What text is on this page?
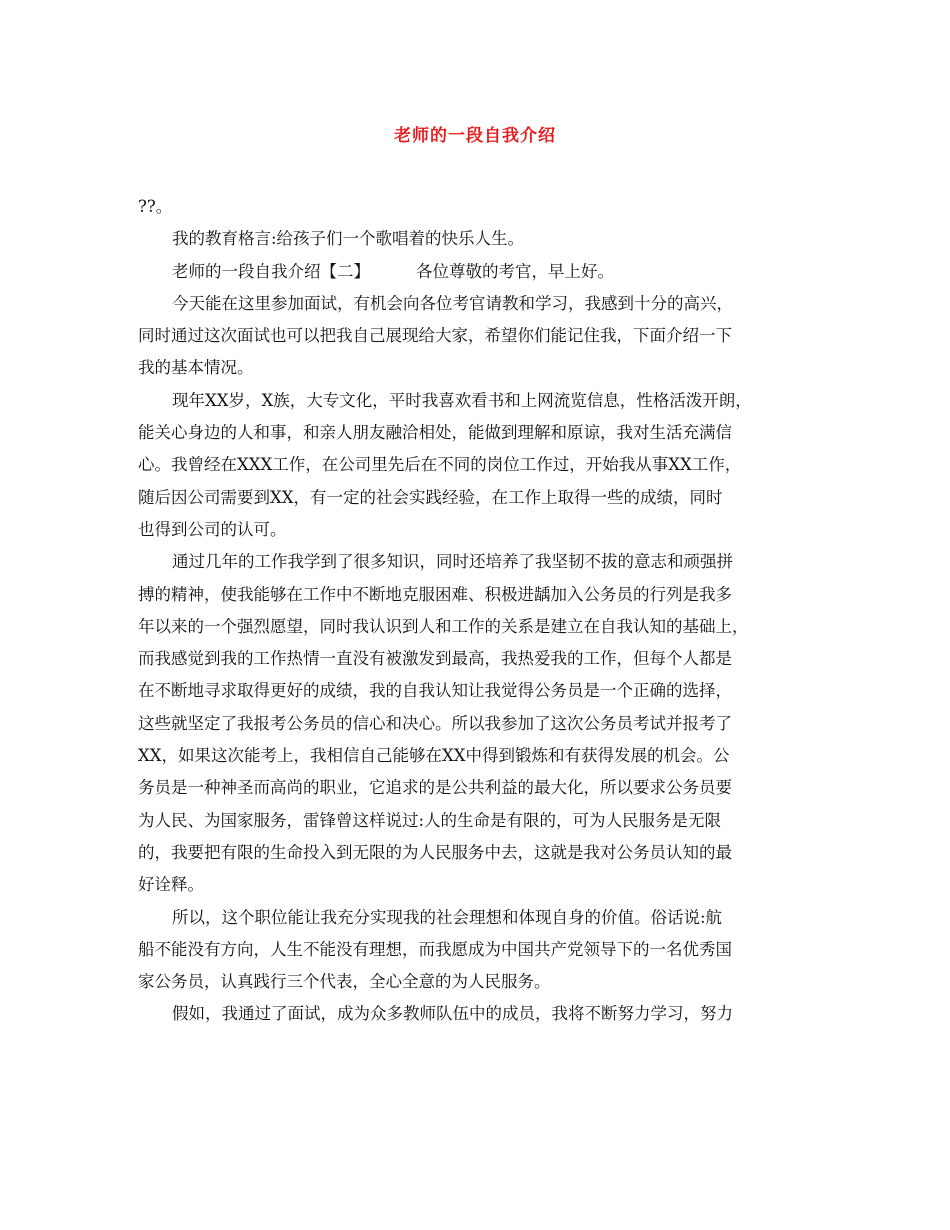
老师的一段自我介绍
??。
我的教育格言:给孩子们一个歌唱着的快乐人生。
老师的一段自我介绍【二】	各位尊敬的考官，早上好。
今天能在这里参加面试，有机会向各位考官请教和学习，我感到十分的高兴，
同时通过这次面试也可以把我自己展现给大家，希望你们能记住我，下面介绍一下
我的基本情况。
现年XX岁，X族，大专文化，平时我喜欢看书和上网流览信息，性格活泼开朗，
能关心身边的人和事，和亲人朋友融洽相处，能做到理解和原谅，我对生活充满信
心。我曾经在XXX工作，在公司里先后在不同的岗位工作过，开始我从事XX工作，
随后因公司需要到XX，有一定的社会实践经验，在工作上取得一些的成绩，同时
也得到公司的认可。
通过几年的工作我学到了很多知识，同时还培养了我坚韧不拔的意志和顽强拼
搏的精神，使我能够在工作中不断地克服困难、积极进龋加入公务员的行列是我多
年以来的一个强烈愿望，同时我认识到人和工作的关系是建立在自我认知的基础上，
而我感觉到我的工作热情一直没有被激发到最高，我热爱我的工作，但每个人都是
在不断地寻求取得更好的成绩，我的自我认知让我觉得公务员是一个正确的选择，
这些就坚定了我报考公务员的信心和决心。所以我参加了这次公务员考试并报考了
XX，如果这次能考上，我相信自己能够在XX中得到锻炼和有获得发展的机会。公
务员是一种神圣而高尚的职业，它追求的是公共利益的最大化，所以要求公务员要
为人民、为国家服务，雷锋曾这样说过:人的生命是有限的，可为人民服务是无限
的，我要把有限的生命投入到无限的为人民服务中去，这就是我对公务员认知的最
好诠释。
所以，这个职位能让我充分实现我的社会理想和体现自身的价值。俗话说:航
船不能没有方向，人生不能没有理想，而我愿成为中国共产党领导下的一名优秀国
家公务员，认真践行三个代表，全心全意的为人民服务。
假如，我通过了面试，成为众多教师队伍中的成员，我将不断努力学习，努力
